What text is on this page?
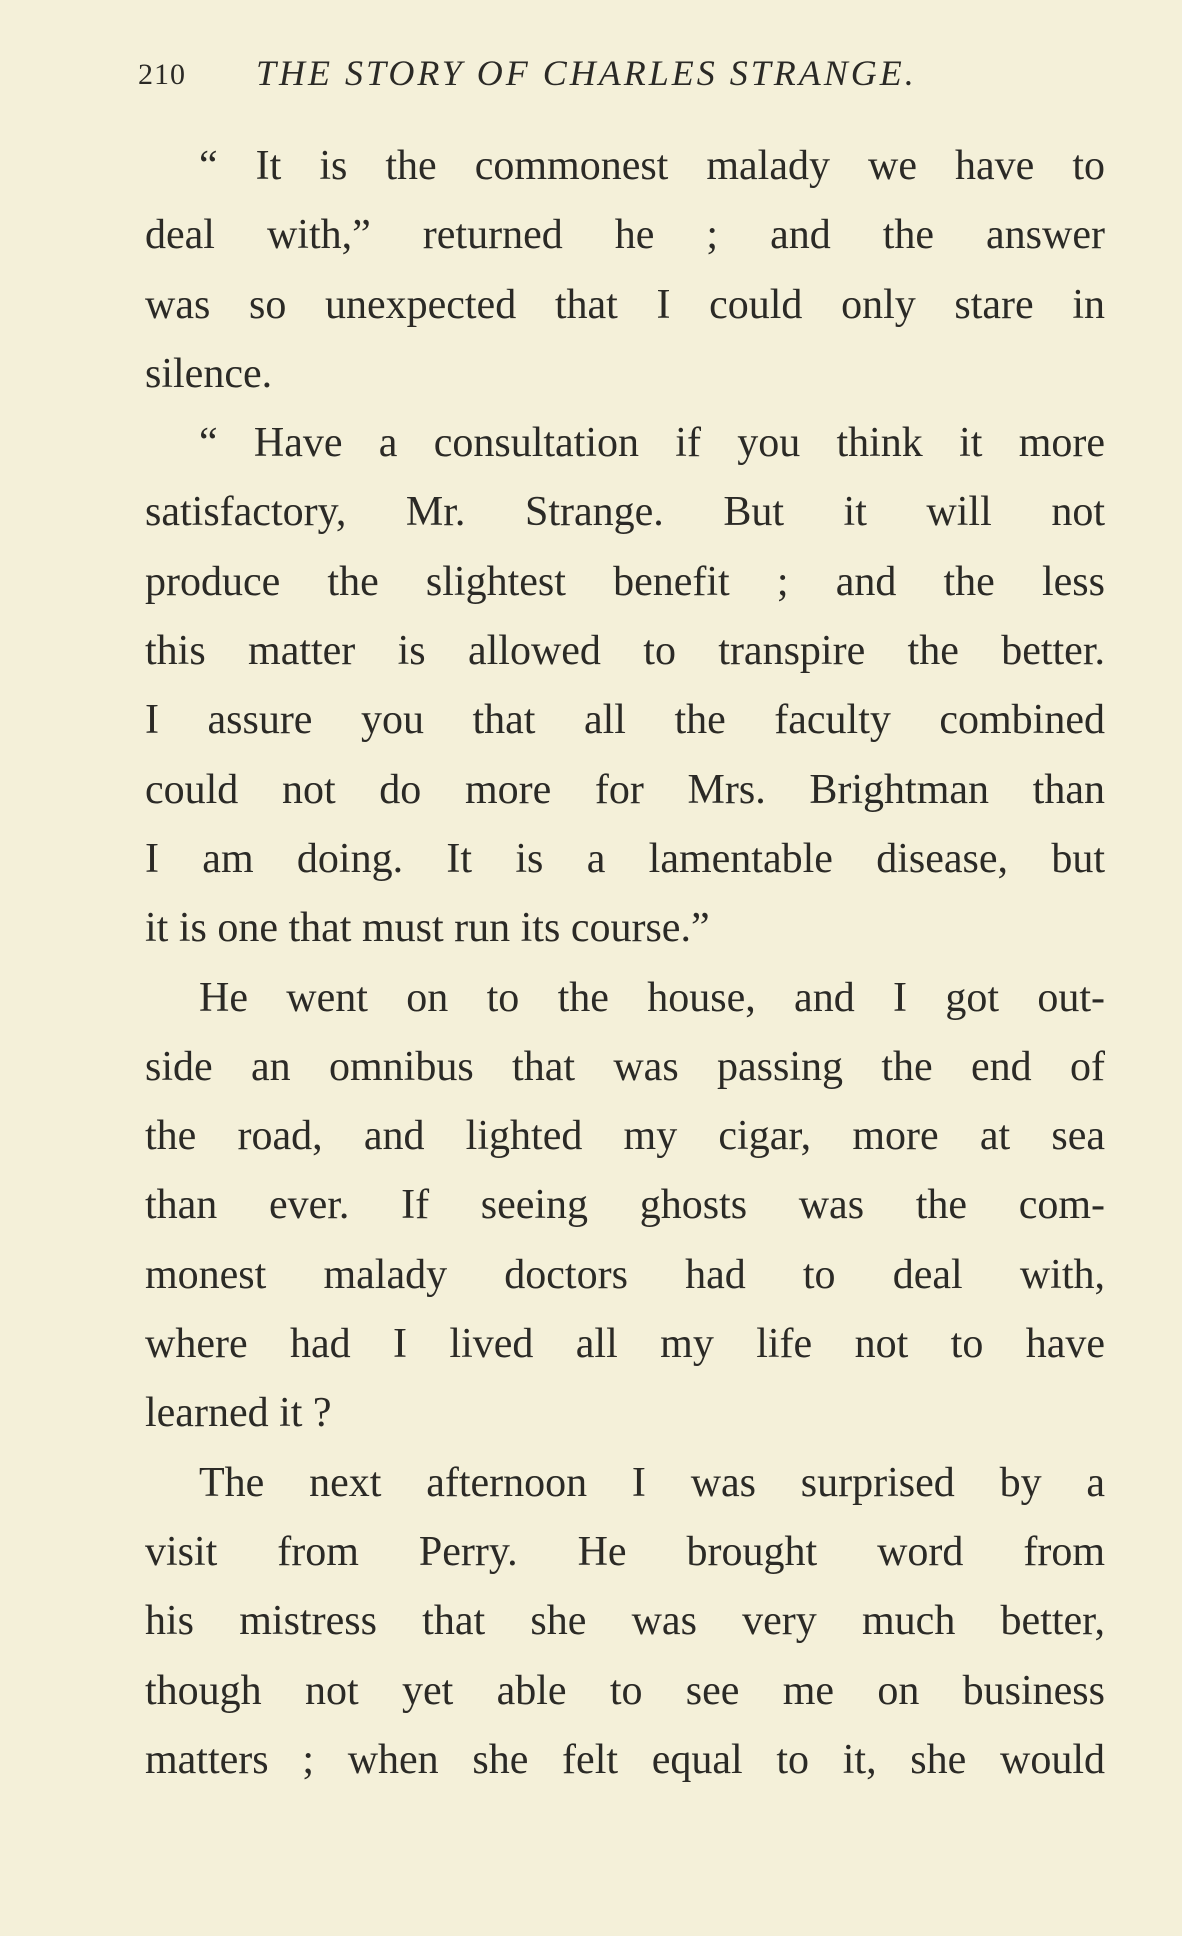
210 THE STORY OF CHARLES STRANGE.
“ It is the commonest malady we have to
deal with,” returned he ; and the answer
was so unexpected that I could only stare in
silence.
“ Have a consultation if you think it more
satisfactory, Mr. Strange. But it will not
produce the slightest benefit ; and the less
this matter is allowed to transpire the better.
I assure you that all the faculty combined
could not do more for Mrs. Brightman than
I am doing. It is a lamentable disease, but
it is one that must run its course.”
He went on to the house, and I got out-
side an omnibus that was passing the end of
the road, and lighted my cigar, more at sea
than ever. If seeing ghosts was the com-
monest malady doctors had to deal with,
where had I lived all my life not to have
learned it ?
The next afternoon I was surprised by a
visit from Perry. He brought word from
his mistress that she was very much better,
though not yet able to see me on business
matters ; when she felt equal to it, she would
